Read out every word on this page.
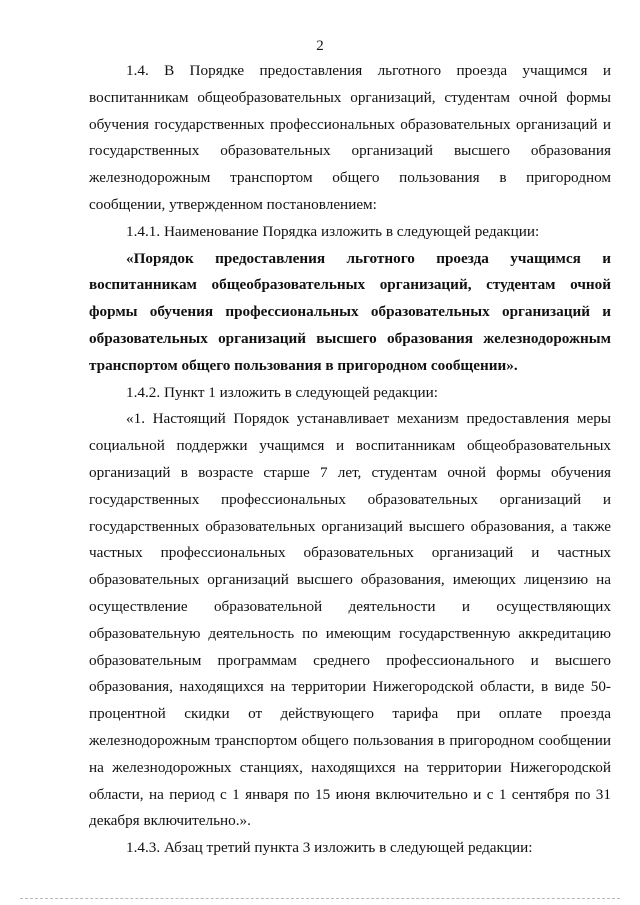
2

1.4. В Порядке предоставления льготного проезда учащимся и воспитанникам общеобразовательных организаций, студентам очной формы обучения государственных профессиональных образовательных организаций и государственных образовательных организаций высшего образования железнодорожным транспортом общего пользования в пригородном сообщении, утвержденном постановлением:

1.4.1. Наименование Порядка изложить в следующей редакции:

«Порядок предоставления льготного проезда учащимся и воспитанникам общеобразовательных организаций, студентам очной формы обучения профессиональных образовательных организаций и образовательных организаций высшего образования железнодорожным транспортом общего пользования в пригородном сообщении».

1.4.2. Пункт 1 изложить в следующей редакции:

«1. Настоящий Порядок устанавливает механизм предоставления меры социальной поддержки учащимся и воспитанникам общеобразовательных организаций в возрасте старше 7 лет, студентам очной формы обучения государственных профессиональных образовательных организаций и государственных образовательных организаций высшего образования, а также частных профессиональных образовательных организаций и частных образовательных организаций высшего образования, имеющих лицензию на осуществление образовательной деятельности и осуществляющих образовательную деятельность по имеющим государственную аккредитацию образовательным программам среднего профессионального и высшего образования, находящихся на территории Нижегородской области, в виде 50-процентной скидки от действующего тарифа при оплате проезда железнодорожным транспортом общего пользования в пригородном сообщении на железнодорожных станциях, находящихся на территории Нижегородской области, на период с 1 января по 15 июня включительно и с 1 сентября по 31 декабря включительно.».

1.4.3. Абзац третий пункта 3 изложить в следующей редакции:
